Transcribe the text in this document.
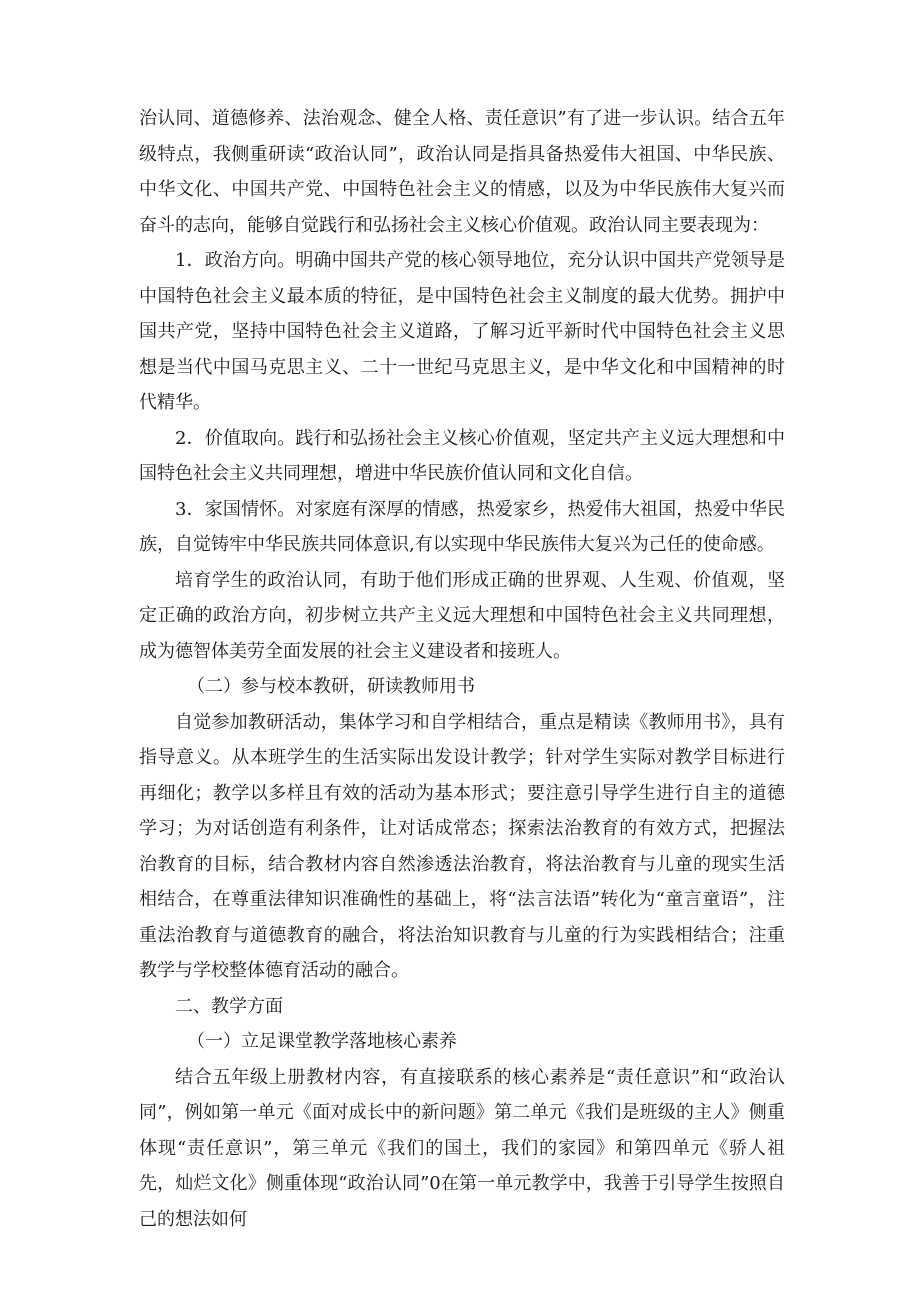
治认同、道德修养、法治观念、健全人格、责任意识”有了进一步认识。结合五年级特点，我侧重研读“政治认同”，政治认同是指具备热爱伟大祖国、中华民族、中华文化、中国共产党、中国特色社会主义的情感，以及为中华民族伟大复兴而奋斗的志向，能够自觉践行和弘扬社会主义核心价值观。政治认同主要表现为：

1．政治方向。明确中国共产党的核心领导地位，充分认识中国共产党领导是中国特色社会主义最本质的特征，是中国特色社会主义制度的最大优势。拥护中国共产党，坚持中国特色社会主义道路，了解习近平新时代中国特色社会主义思想是当代中国马克思主义、二十一世纪马克思主义，是中华文化和中国精神的时代精华。

2．价值取向。践行和弘扬社会主义核心价值观，坚定共产主义远大理想和中国特色社会主义共同理想，增进中华民族价值认同和文化自信。

3．家国情怀。对家庭有深厚的情感，热爱家乡，热爱伟大祖国，热爱中华民族，自觉铸牢中华民族共同体意识,有以实现中华民族伟大复兴为己任的使命感。

培育学生的政治认同，有助于他们形成正确的世界观、人生观、价值观，坚定正确的政治方向，初步树立共产主义远大理想和中国特色社会主义共同理想，成为德智体美劳全面发展的社会主义建设者和接班人。

（二）参与校本教研，研读教师用书

自觉参加教研活动，集体学习和自学相结合，重点是精读《教师用书》，具有指导意义。从本班学生的生活实际出发设计教学；针对学生实际对教学目标进行再细化；教学以多样且有效的活动为基本形式；要注意引导学生进行自主的道德学习；为对话创造有利条件，让对话成常态；探索法治教育的有效方式，把握法治教育的目标，结合教材内容自然渗透法治教育，将法治教育与儿童的现实生活相结合，在尊重法律知识准确性的基础上，将“法言法语”转化为“童言童语”，注重法治教育与道德教育的融合，将法治知识教育与儿童的行为实践相结合；注重教学与学校整体德育活动的融合。

二、教学方面

（一）立足课堂教学落地核心素养

结合五年级上册教材内容，有直接联系的核心素养是“责任意识”和“政治认同”，例如第一单元《面对成长中的新问题》第二单元《我们是班级的主人》侧重体现“责任意识”，第三单元《我们的国土，我们的家园》和第四单元《骄人祖先，灿烂文化》侧重体现“政治认同”0在第一单元教学中，我善于引导学生按照自己的想法如何
